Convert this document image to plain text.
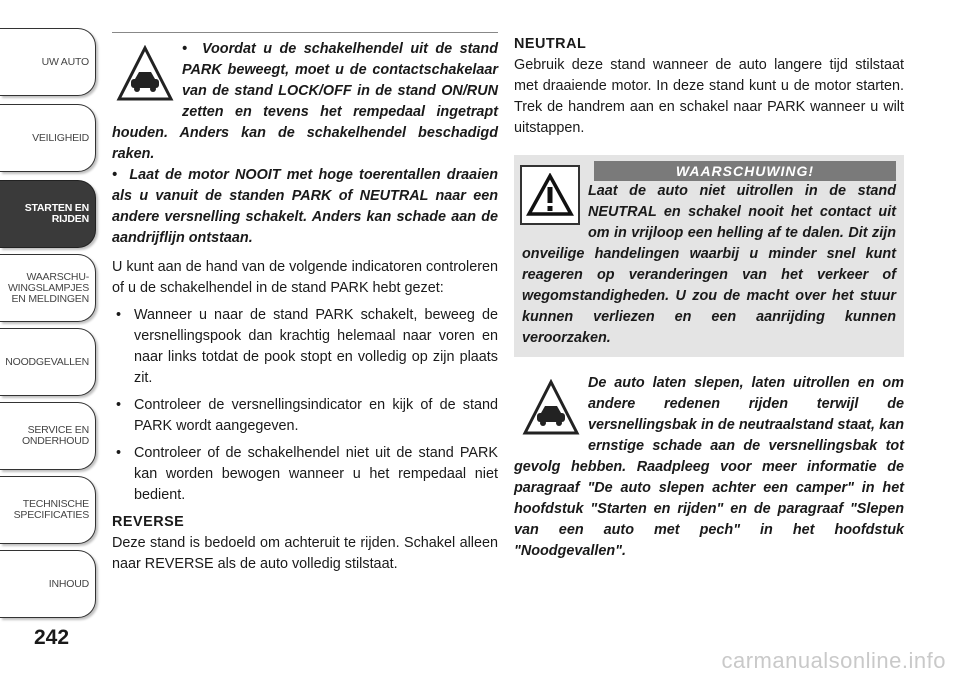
UW AUTO
VEILIGHEID
STARTEN EN
RIJDEN
WAARSCHU-
WINGSLAMPJES
EN MELDINGEN
NOODGEVALLEN
SERVICE EN
ONDERHOUD
TECHNISCHE
SPECIFICATIES
INHOUD
242
•  Voordat u de schakelhendel uit de stand PARK beweegt, moet u de contactschakelaar van de stand LOCK/OFF in de stand ON/RUN zetten en tevens het rempedaal ingetrapt houden. Anders kan de schakelhendel beschadigd raken.
•  Laat de motor NOOIT met hoge toerentallen draaien als u vanuit de standen PARK of NEUTRAL naar een andere versnelling schakelt. Anders kan schade aan de aandrijflijn ontstaan.

U kunt aan de hand van de volgende indicatoren controleren of u de schakelhendel in de stand PARK hebt gezet:

• Wanneer u naar de stand PARK schakelt, beweeg de versnellingspook dan krachtig helemaal naar voren en naar links totdat de pook stopt en volledig op zijn plaats zit.
• Controleer de versnellingsindicator en kijk of de stand PARK wordt aangegeven.
• Controleer of de schakelhendel niet uit de stand PARK kan worden bewogen wanneer u het rempedaal niet bedient.
REVERSE

Deze stand is bedoeld om achteruit te rijden. Schakel alleen naar REVERSE als de auto volledig stilstaat.

NEUTRAL

Gebruik deze stand wanneer de auto langere tijd stilstaat met draaiende motor. In deze stand kunt u de motor starten. Trek de handrem aan en schakel naar PARK wanneer u wilt uitstappen.

WAARSCHUWING!
Laat de auto niet uitrollen in de stand NEUTRAL en schakel nooit het contact uit om in vrijloop een helling af te dalen. Dit zijn onveilige handelingen waarbij u minder snel kunt reageren op veranderingen van het verkeer of wegomstandigheden. U zou de macht over het stuur kunnen verliezen en een aanrijding kunnen veroorzaken.
De auto laten slepen, laten uitrollen en om andere redenen rijden terwijl de versnellingsbak in de neutraalstand staat, kan ernstige schade aan de versnellingsbak tot gevolg hebben. Raadpleeg voor meer informatie de paragraaf "De auto slepen achter een camper" in het hoofdstuk "Starten en rijden" en de paragraaf "Slepen van een auto met pech" in het hoofdstuk "Noodgevallen".
carmanualsonline.info
